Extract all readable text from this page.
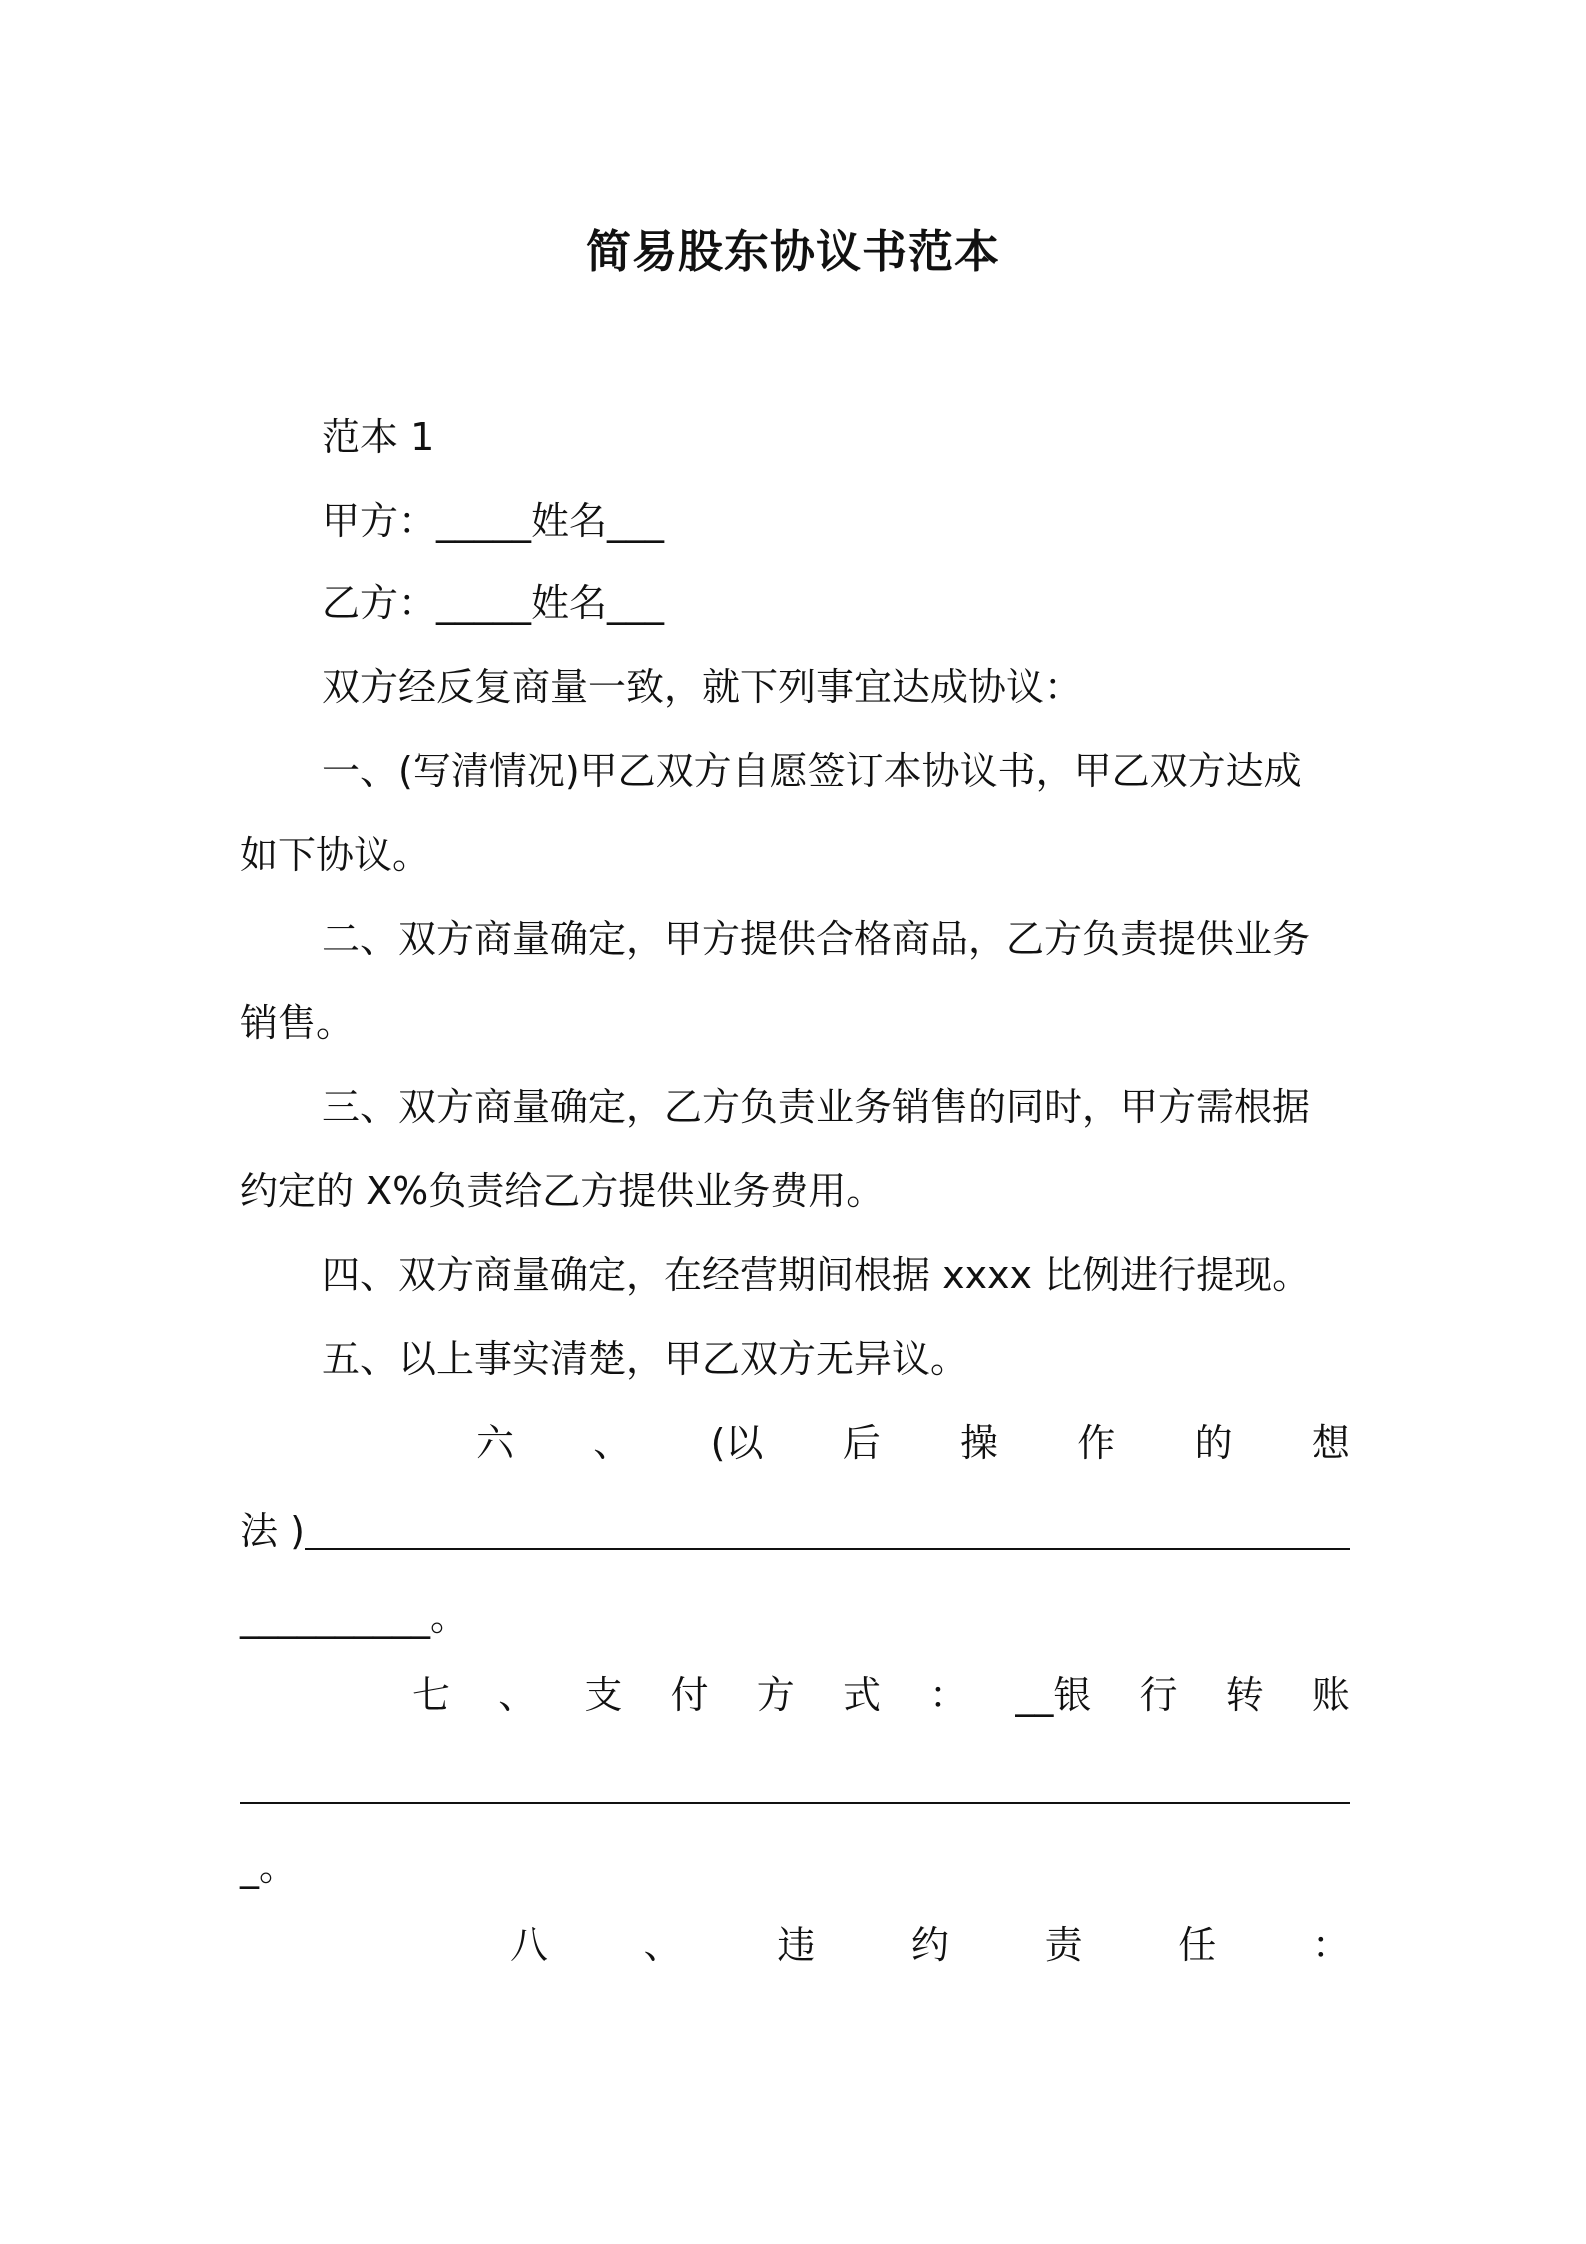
简易股东协议书范本

范本 1

甲方：_____姓名___

乙方：_____姓名___

双方经反复商量一致，就下列事宜达成协议：

一、(写清情况)甲乙双方自愿签订本协议书，甲乙双方达成

如下协议。

二、双方商量确定，甲方提供合格商品，乙方负责提供业务

销售。

三、双方商量确定，乙方负责业务销售的同时，甲方需根据

约定的 X%负责给乙方提供业务费用。

四、双方商量确定，在经营期间根据 xxxx 比例进行提现。

五、以上事实清楚，甲乙双方无异议。

六 、 (以 后 操 作 的 想
法 )

__________。

七 、 支 付 方 式 ： __银 行 转 账

_。

八	、	违	约	责	任	：
